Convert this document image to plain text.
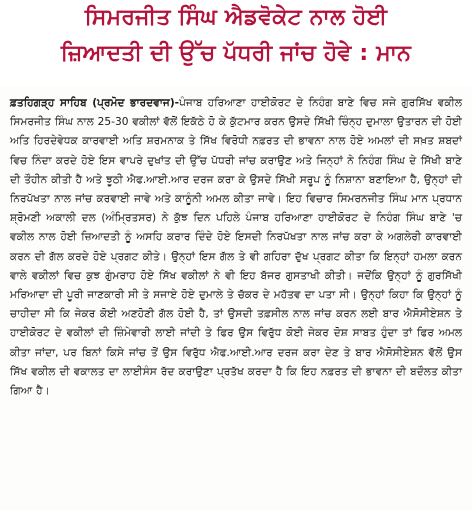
ਸਿਮਰਜੀਤ ਸਿੰਘ ਐਡਵੋਕੇਟ ਨਾਲ ਹੋਈ
ਜ਼ਿਆਦਤੀ ਦੀ ਉੱਚ ਪੱਧਰੀ ਜਾਂਚ ਹੋਵੇ : ਮਾਨ

ਫ਼ਤਹਿਗੜ੍ਹ ਸਾਹਿਬ (ਪ੍ਰਮੋਦ ਭਾਰਦਵਾਜ)-ਪੰਜਾਬ ਹਰਿਆਣਾ ਹਾਈਕੋਰਟ ਦੇ ਨਿਹੰਗ ਬਾਣੇ ਵਿਚ ਸਜੇ ਗੁਰਸਿੱਖ ਵਕੀਲ ਸਿਮਰਜੀਤ ਸਿੰਘ ਨਾਲ 25-30 ਵਕੀਲਾਂ ਵੱਲੋਂ ਇਕੱਠੇ ਹੋ ਕੇ ਕੁੱਟਮਾਰ ਕਰਨ ਉਸਦੇ ਸਿੱਖੀ ਚਿੰਨ੍ਹ ਦੁਮਾਲਾ ਉਤਾਰਨ ਦੀ ਹੋਈ ਅਤਿ ਹਿਰਦੇਵੇਧਕ ਕਾਰਵਾਈ ਅਤਿ ਸ਼ਰਮਨਾਕ ਤੇ ਸਿੱਖ ਵਿਰੋਧੀ ਨਫ਼ਰਤ ਦੀ ਭਾਵਨਾ ਨਾਲ ਹੋਏ ਅਮਲਾਂ ਦੀ ਸਖ਼ਤ ਸ਼ਬਦਾਂ ਵਿਚ ਨਿੰਦਾ ਕਰਦੇ ਹੋਏ ਇਸ ਵਾਪਰੇ ਦੁਖਾਂਤ ਦੀ ਉੱਚ ਪੱਧਰੀ ਜਾਂਚ ਕਰਾਉਣ ਅਤੇ ਜਿਨ੍ਹਾਂ ਨੇ ਨਿਹੰਗ ਸਿੰਘ ਦੇ ਸਿੱਖੀ ਬਾਣੇ ਦੀ ਤੌਹੀਨ ਕੀਤੀ ਹੈ ਅਤੇ ਝੂਠੀ ਐਫ.ਆਈ.ਆਰ ਦਰਜ ਕਰਾ ਕੇ ਉਸਦੇ ਸਿੱਖੀ ਸਰੂਪ ਨੂੰ ਨਿਸ਼ਾਨਾ ਬਣਾਇਆ ਹੈ, ਉਨ੍ਹਾਂ ਦੀ ਨਿਰਪੱਖਤਾ ਨਾਲ ਜਾਂਚ ਕਰਵਾਈ ਜਾਵੇ ਅਤੇ ਕਾਨੂੰਨੀ ਅਮਲ ਕੀਤਾ ਜਾਵੇ। ਇਹ ਵਿਚਾਰ ਸਿਮਰਨਜੀਤ ਸਿੰਘ ਮਾਨ ਪ੍ਰਧਾਨ ਸ਼੍ਰੋਮਣੀ ਅਕਾਲੀ ਦਲ (ਅੰਮ੍ਰਿਤਸਰ) ਨੇ ਕੁੱਝ ਦਿਨ ਪਹਿਲੇ ਪੰਜਾਬ ਹਰਿਆਣਾ ਹਾਈਕੋਰਟ ਦੇ ਨਿਹੰਗ ਸਿੰਘ ਬਾਣੇ 'ਚ ਵਕੀਲ ਨਾਲ ਹੋਈ ਜ਼ਿਆਦਤੀ ਨੂੰ ਅਸਹਿ ਕਰਾਰ ਦਿੰਦੇ ਹੋਏ ਇਸਦੀ ਨਿਰਪੱਖਤਾ ਨਾਲ ਜਾਂਚ ਕਰਾ ਕੇ ਅਗਲੇਰੀ ਕਾਰਵਾਈ ਕਰਨ ਦੀ ਗੱਲ ਕਰਦੇ ਹੋਏ ਪ੍ਰਗਟ ਕੀਤੇ। ਉਨ੍ਹਾਂ ਇਸ ਗੱਲ ਤੇ ਵੀ ਗਹਿਰਾ ਦੁੱਖ ਪ੍ਰਗਟ ਕੀਤਾ ਕਿ ਇਨ੍ਹਾਂ ਹਮਲਾ ਕਰਨ ਵਾਲੇ ਵਕੀਲਾਂ ਵਿਚ ਕੁਝ ਗੁੰਮਰਾਹ ਹੋਏ ਸਿੱਖ ਵਕੀਲਾਂ ਨੇ ਵੀ ਇਹ ਬੱਜਰ ਗੁਸਤਾਖੀ ਕੀਤੀ। ਜਦੋਂਕਿ ਉਨ੍ਹਾਂ ਨੂੰ ਗੁਰਸਿੱਖੀ ਮਰਿਆਦਾ ਦੀ ਪੂਰੀ ਜਾਣਕਾਰੀ ਸੀ ਤੇ ਸਜਾਏ ਹੋਏ ਦੁਮਾਲੇ ਤੇ ਚੱਕਰ ਦੇ ਮਹੱਤਵ ਦਾ ਪਤਾ ਸੀ। ਉਨ੍ਹਾਂ ਕਿਹਾ ਕਿ ਉਨ੍ਹਾਂ ਨੂੰ ਚਾਹੀਦਾ ਸੀ ਕਿ ਜੇਕਰ ਕੋਈ ਅਣਹੋਣੀ ਗੱਲ ਹੋਈ ਹੈ, ਤਾਂ ਉਸਦੀ ਤਫ਼ਸੀਲ ਨਾਲ ਜਾਂਚ ਕਰਨ ਲਈ ਬਾਰ ਐਸੋਸੀਏਸ਼ਨ ਤੇ ਹਾਈਕੋਰਟ ਦੇ ਵਕੀਲਾਂ ਦੀ ਜ਼ਿੰਮੇਵਾਰੀ ਲਾਈ ਜਾਂਦੀ ਤੇ ਫਿਰ ਉਸ ਵਿਰੁੱਧ ਕੋਈ ਜੇਕਰ ਦੋਸ਼ ਸਾਬਤ ਹੁੰਦਾ ਤਾਂ ਫਿਰ ਅਮਲ ਕੀਤਾ ਜਾਂਦਾ, ਪਰ ਬਿਨਾਂ ਕਿਸੇ ਜਾਂਚ ਤੋਂ ਉਸ ਵਿਰੁੱਧ ਐਫ.ਆਈ.ਆਰ ਦਰਜ ਕਰਾ ਦੇਣ ਤੇ ਬਾਰ ਐਸੋਸੀਏਸ਼ਨ ਵੱਲੋਂ ਉਸ ਸਿੱਖ ਵਕੀਲ ਦੀ ਵਕਾਲਤ ਦਾ ਲਾਈਸੰਸ ਰੱਦ ਕਰਾਉਣਾ ਪ੍ਰਤੱਖ ਕਰਦਾ ਹੈ ਕਿ ਇਹ ਨਫ਼ਰਤ ਦੀ ਭਾਵਨਾ ਦੀ ਬਦੌਲਤ ਕੀਤਾ ਗਿਆ ਹੈ।
